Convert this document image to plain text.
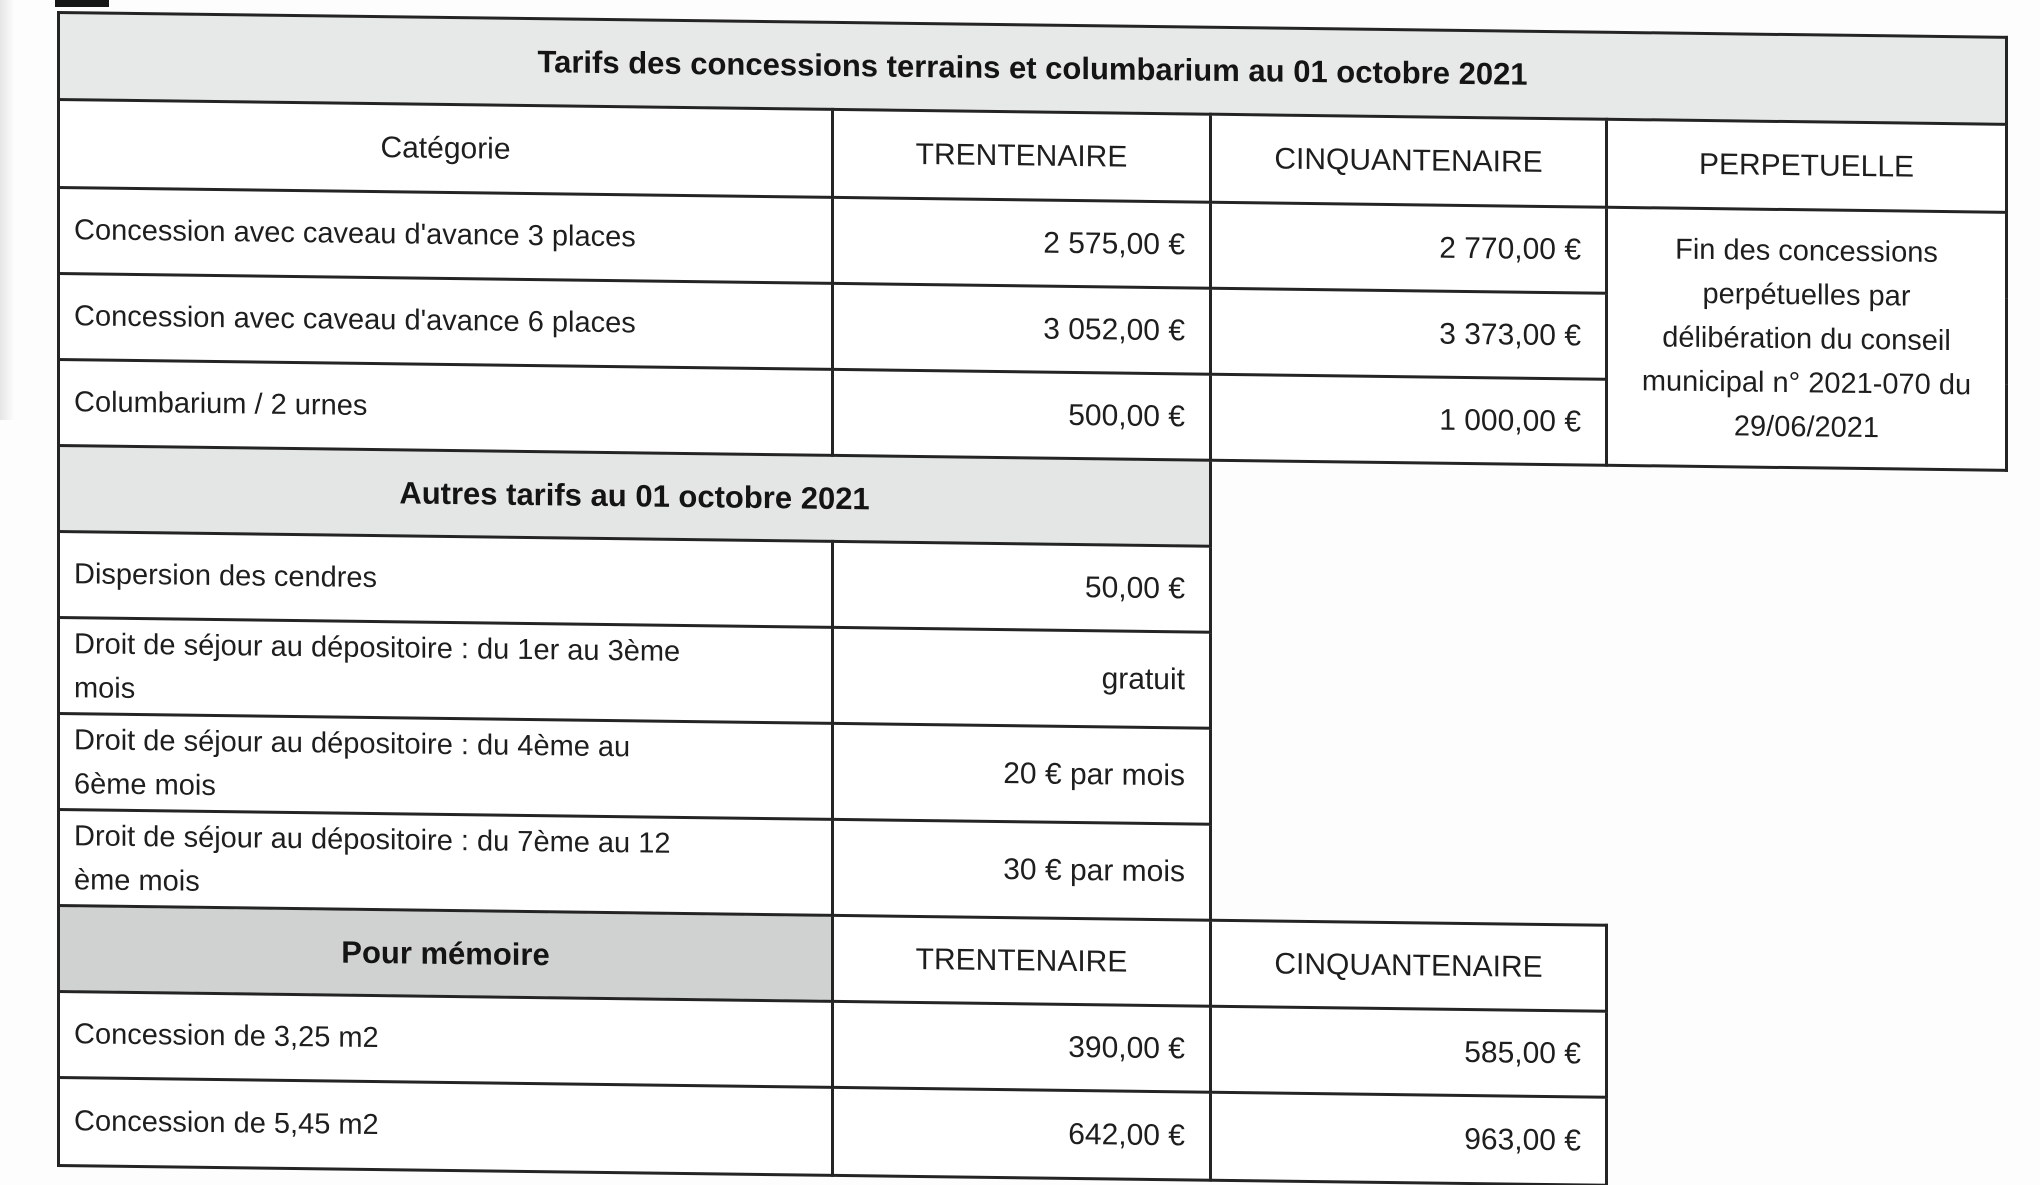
Tarifs des concessions terrains et columbarium au 01 octobre 2021			
Catégorie	TRENTENAIRE	CINQUANTENAIRE	PERPETUELLE
Concession avec caveau d'avance 3 places	2 575,00 €	2 770,00 €	Fin des concessions perpétuelles par délibération du conseil municipal n° 2021-070 du 29/06/2021

Concession avec caveau d'avance 6 places	3 052,00 €	3 373,00 €	
Columbarium / 2 urnes	500,00 €	1 000,00 €	
Autres tarifs au 01 octobre 2021			
Dispersion des cendres	50,00 €		

Droit de séjour au dépositoire : du 1er au 3ème mois	gratuit		

Droit de séjour au dépositoire : du 4ème au 6ème mois	20 € par mois		

Droit de séjour au dépositoire : du 7ème au 12 ème mois	30 € par mois		
Pour mémoire	TRENTENAIRE	CINQUANTENAIRE	
Concession de 3,25 m2	390,00 €	585,00 €	
Concession de 5,45 m2	642,00 €	963,00 €	
